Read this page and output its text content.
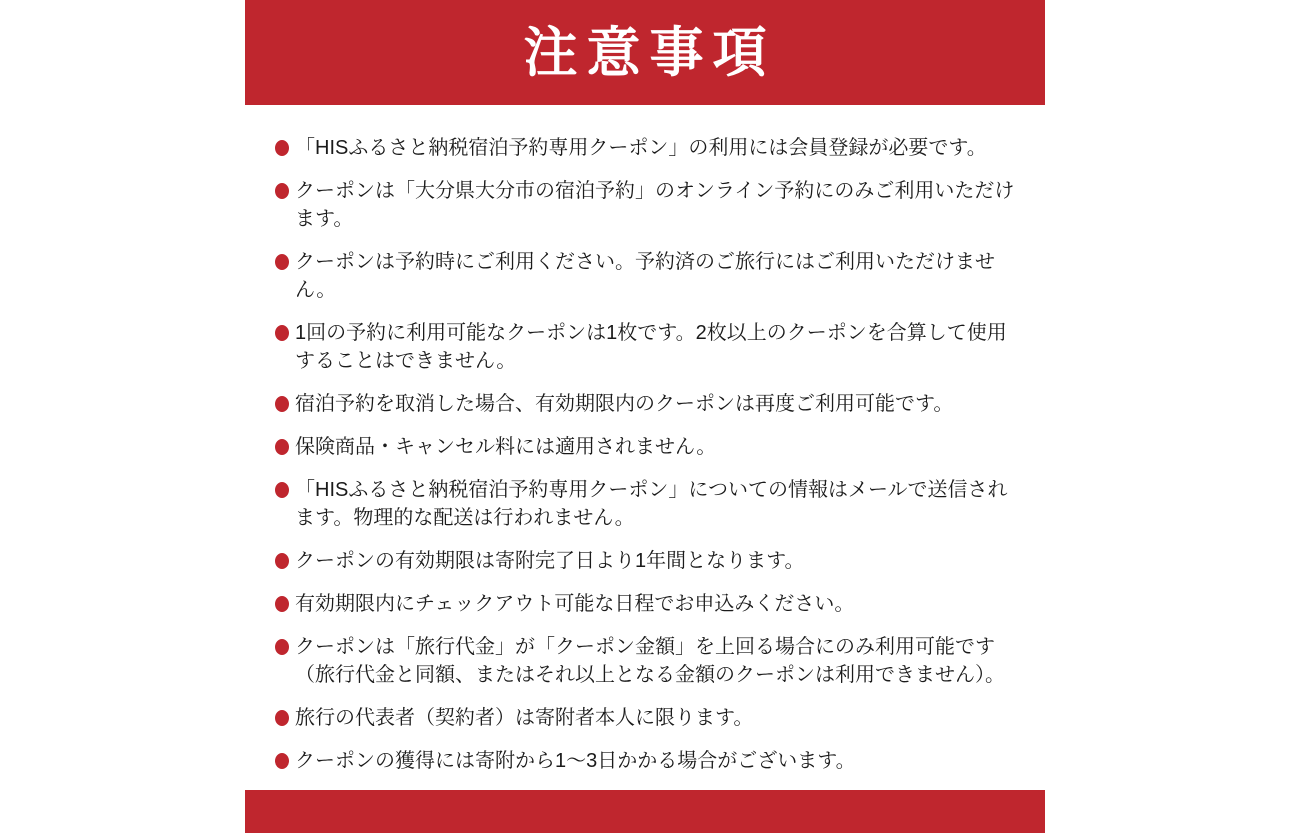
注意事項
「HISふるさと納税宿泊予約専用クーポン」の利用には会員登録が必要です。
クーポンは「大分県大分市の宿泊予約」のオンライン予約にのみご利用いただけます。
クーポンは予約時にご利用ください。予約済のご旅行にはご利用いただけません。
1回の予約に利用可能なクーポンは1枚です。2枚以上のクーポンを合算して使用することはできません。
宿泊予約を取消した場合、有効期限内のクーポンは再度ご利用可能です。
保険商品・キャンセル料には適用されません。
「HISふるさと納税宿泊予約専用クーポン」についての情報はメールで送信されます。物理的な配送は行われません。
クーポンの有効期限は寄附完了日より1年間となります。
有効期限内にチェックアウト可能な日程でお申込みください。
クーポンは「旅行代金」が「クーポン金額」を上回る場合にのみ利用可能です（旅行代金と同額、またはそれ以上となる金額のクーポンは利用できません）。
旅行の代表者（契約者）は寄附者本人に限ります。
クーポンの獲得には寄附から1～3日かかる場合がございます。
